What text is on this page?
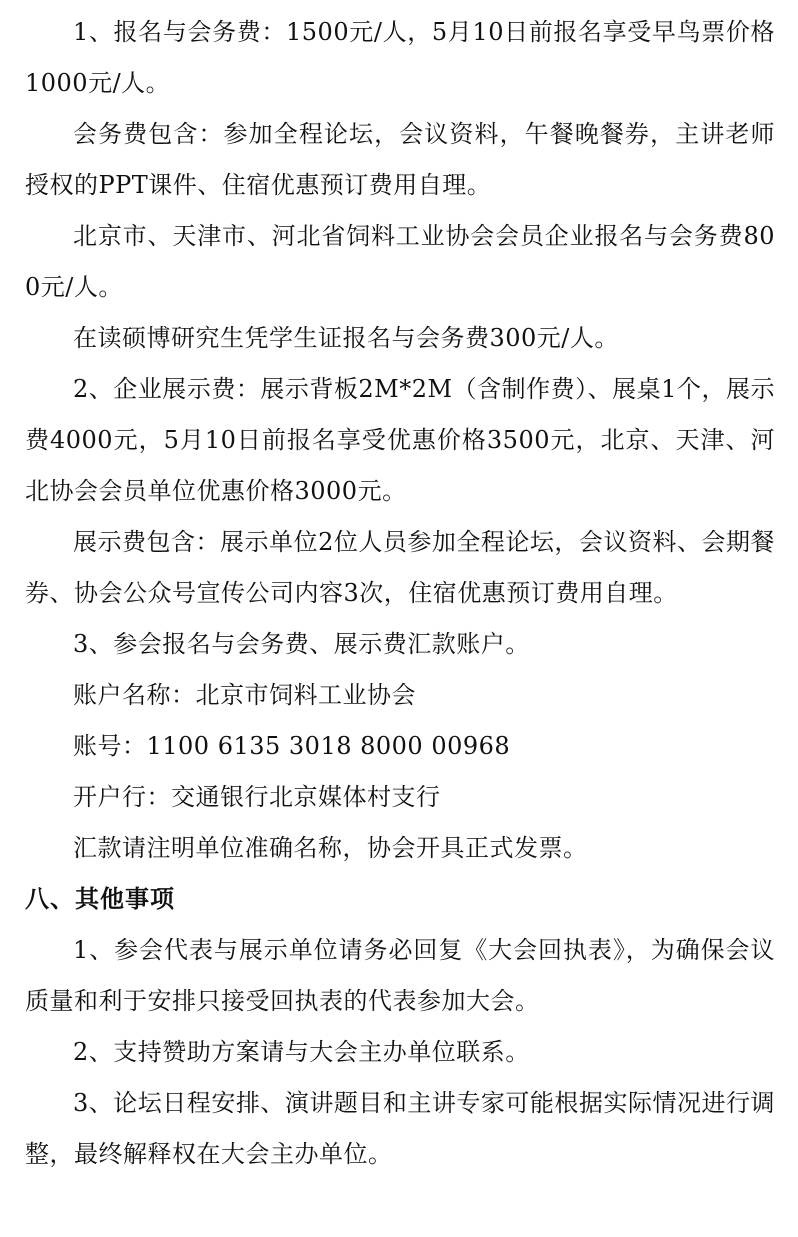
1、报名与会务费：1500元/人，5月10日前报名享受早鸟票价格1000元/人。

会务费包含：参加全程论坛，会议资料，午餐晚餐券，主讲老师授权的PPT课件、住宿优惠预订费用自理。

北京市、天津市、河北省饲料工业协会会员企业报名与会务费800元/人。

在读硕博研究生凭学生证报名与会务费300元/人。

2、企业展示费：展示背板2M*2M（含制作费）、展桌1个，展示费4000元，5月10日前报名享受优惠价格3500元，北京、天津、河北协会会员单位优惠价格3000元。

展示费包含：展示单位2位人员参加全程论坛，会议资料、会期餐券、协会公众号宣传公司内容3次，住宿优惠预订费用自理。

3、参会报名与会务费、展示费汇款账户。

账户名称：北京市饲料工业协会

账号：1100 6135 3018 8000 00968

开户行：交通银行北京媒体村支行

汇款请注明单位准确名称，协会开具正式发票。

八、其他事项

1、参会代表与展示单位请务必回复《大会回执表》，为确保会议质量和利于安排只接受回执表的代表参加大会。

2、支持赞助方案请与大会主办单位联系。

3、论坛日程安排、演讲题目和主讲专家可能根据实际情况进行调整，最终解释权在大会主办单位。
